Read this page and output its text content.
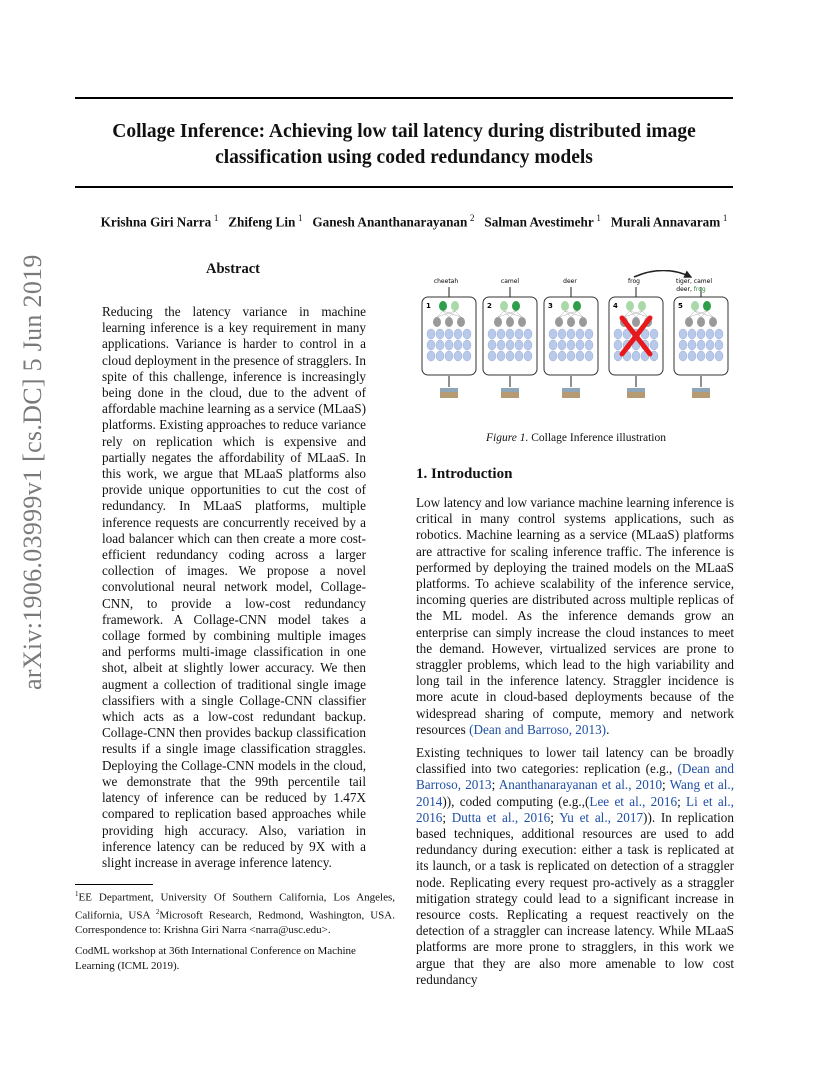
Collage Inference: Achieving low tail latency during distributed image
classification using coded redundancy models
Krishna Giri Narra  $^1$  Zhifeng Lin  $^1$  Ganesh Ananthanarayanan  $^2$  Salman Avestimehr  $^1$  Murali Annavaram  $^1$
arXiv:1906.03999v1 [cs.DC] 5 Jun 2019	Abstract
Reducing the latency variance in machine learning inference is a key requirement in many applications. Variance is harder to control in a cloud deployment in the presence of stragglers. In spite of this challenge, inference is increasingly being done in the cloud, due to the advent of affordable machine learning as a service (MLaaS) platforms. Existing approaches to reduce variance rely on replication which is expensive and partially negates the affordability of MLaaS. In this work, we argue that MLaaS platforms also provide unique opportunities to cut the cost of redundancy. In MLaaS platforms, multiple inference requests are concurrently received by a load balancer which can then create a more cost-efficient redundancy coding across a larger collection of images. We propose a novel convolutional neural network model, Collage-CNN, to provide a low-cost redundancy framework. A Collage-CNN model takes a collage formed by combining multiple images and performs multi-image classification in one shot, albeit at slightly lower accuracy. We then augment a collection of traditional single image classifiers with a single Collage-CNN classifier which acts as a low-cost redundant backup. Collage-CNN then provides backup classification results if a single image classification straggles. Deploying the Collage-CNN models in the cloud, we demonstrate that the 99th percentile tail latency of inference can be reduced by 1.47X compared to replication based approaches while providing high accuracy. Also, variation in inference latency can be reduced by 9X with a slight increase in average inference latency.
$^1$EE Department, University Of Southern California, Los Angeles, California, USA $^2$Microsoft Research, Redmond, Washington, USA. Correspondence to: Krishna Giri Narra <narra@usc.edu>.
CodML workshop at 36th International Conference on Machine Learning (ICML 2019).
cheetah	camel	deer	frog	tiger, camel
deer, frog
1	2	3	4	5
Figure 1. Collage Inference illustration
1. Introduction
Low latency and low variance machine learning inference is critical in many control systems applications, such as robotics. Machine learning as a service (MLaaS) platforms are attractive for scaling inference traffic. The inference is performed by deploying the trained models on the MLaaS platforms. To achieve scalability of the inference service, incoming queries are distributed across multiple replicas of the ML model. As the inference demands grow an enterprise can simply increase the cloud instances to meet the demand. However, virtualized services are prone to straggler problems, which lead to the high variability and long tail in the inference latency. Straggler incidence is more acute in cloud-based deployments because of the widespread sharing of compute, memory and network resources (Dean and Barroso, 2013).
Existing techniques to lower tail latency can be broadly classified into two categories: replication (e.g., (Dean and Barroso, 2013; Ananthanarayanan et al., 2010; Wang et al., 2014)), coded computing (e.g.,(Lee et al., 2016; Li et al., 2016; Dutta et al., 2016; Yu et al., 2017)). In replication based techniques, additional resources are used to add redundancy during execution: either a task is replicated at its launch, or a task is replicated on detection of a straggler node. Replicating every request pro-actively as a straggler mitigation strategy could lead to a significant increase in resource costs. Replicating a request reactively on the detection of a straggler can increase latency. While MLaaS platforms are more prone to stragglers, in this work we argue that they are also more amenable to low cost redundancy
